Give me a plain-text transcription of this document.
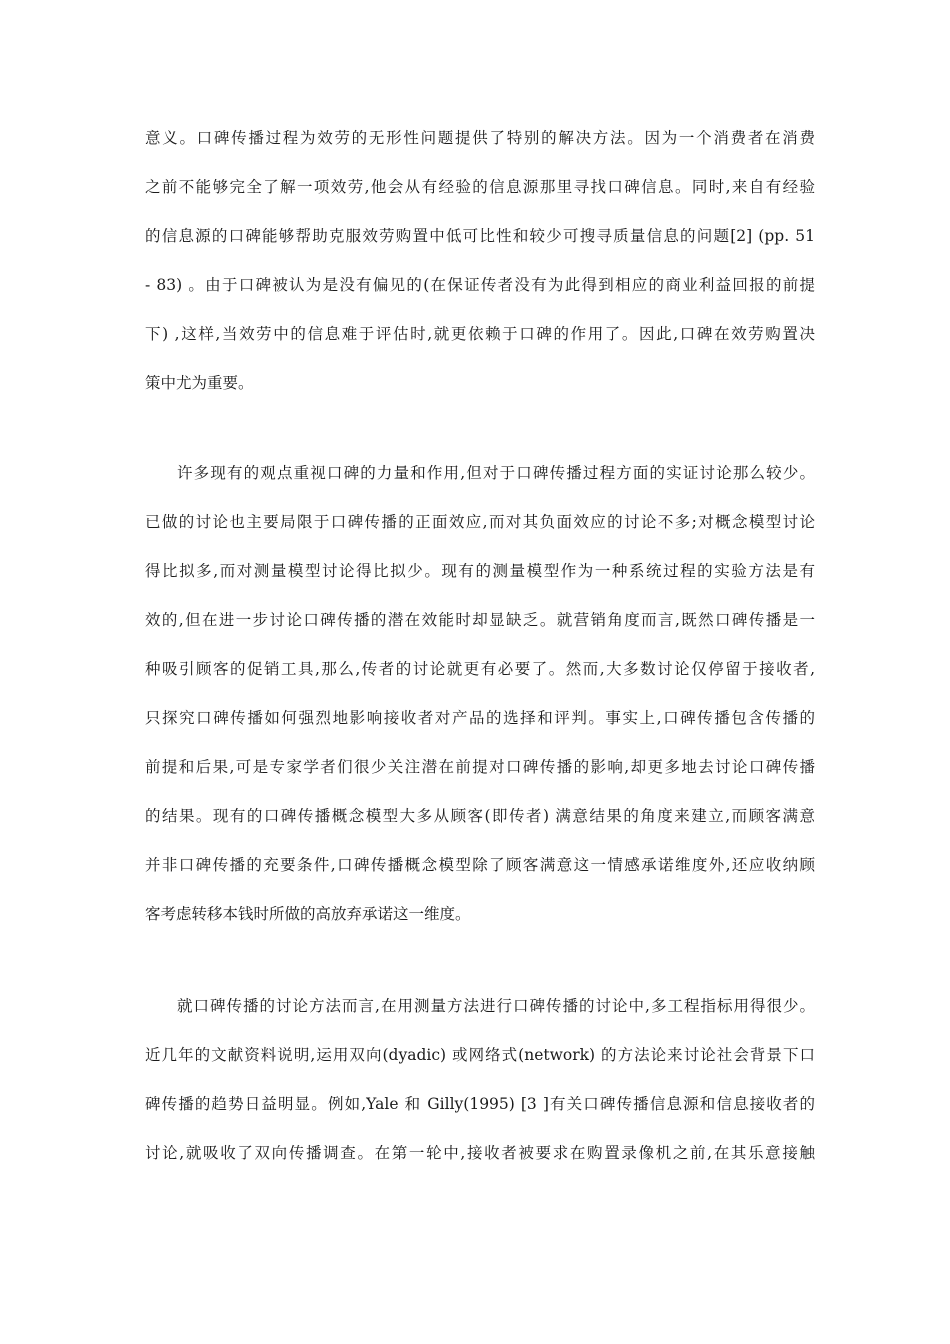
意义。口碑传播过程为效劳的无形性问题提供了特别的解决方法。因为一个消费者在消费
之前不能够完全了解一项效劳,他会从有经验的信息源那里寻找口碑信息。同时,来自有经验
的信息源的口碑能够帮助克服效劳购置中低可比性和较少可搜寻质量信息的问题[2] (pp. 51
- 83) 。由于口碑被认为是没有偏见的(在保证传者没有为此得到相应的商业利益回报的前提
下) ,这样,当效劳中的信息难于评估时,就更依赖于口碑的作用了。因此,口碑在效劳购置决
策中尤为重要。
许多现有的观点重视口碑的力量和作用,但对于口碑传播过程方面的实证讨论那么较少。
已做的讨论也主要局限于口碑传播的正面效应,而对其负面效应的讨论不多;对概念模型讨论
得比拟多,而对测量模型讨论得比拟少。现有的测量模型作为一种系统过程的实验方法是有
效的,但在进一步讨论口碑传播的潜在效能时却显缺乏。就营销角度而言,既然口碑传播是一
种吸引顾客的促销工具,那么,传者的讨论就更有必要了。然而,大多数讨论仅停留于接收者,
只探究口碑传播如何强烈地影响接收者对产品的选择和评判。事实上,口碑传播包含传播的
前提和后果,可是专家学者们很少关注潜在前提对口碑传播的影响,却更多地去讨论口碑传播
的结果。现有的口碑传播概念模型大多从顾客(即传者) 满意结果的角度来建立,而顾客满意
并非口碑传播的充要条件,口碑传播概念模型除了顾客满意这一情感承诺维度外,还应收纳顾
客考虑转移本钱时所做的高放弃承诺这一维度。
就口碑传播的讨论方法而言,在用测量方法进行口碑传播的讨论中,多工程指标用得很少。
近几年的文献资料说明,运用双向(dyadic) 或网络式(network) 的方法论来讨论社会背景下口
碑传播的趋势日益明显。例如,Yale 和 Gilly(1995) [3 ]有关口碑传播信息源和信息接收者的
讨论,就吸收了双向传播调查。在第一轮中,接收者被要求在购置录像机之前,在其乐意接触
